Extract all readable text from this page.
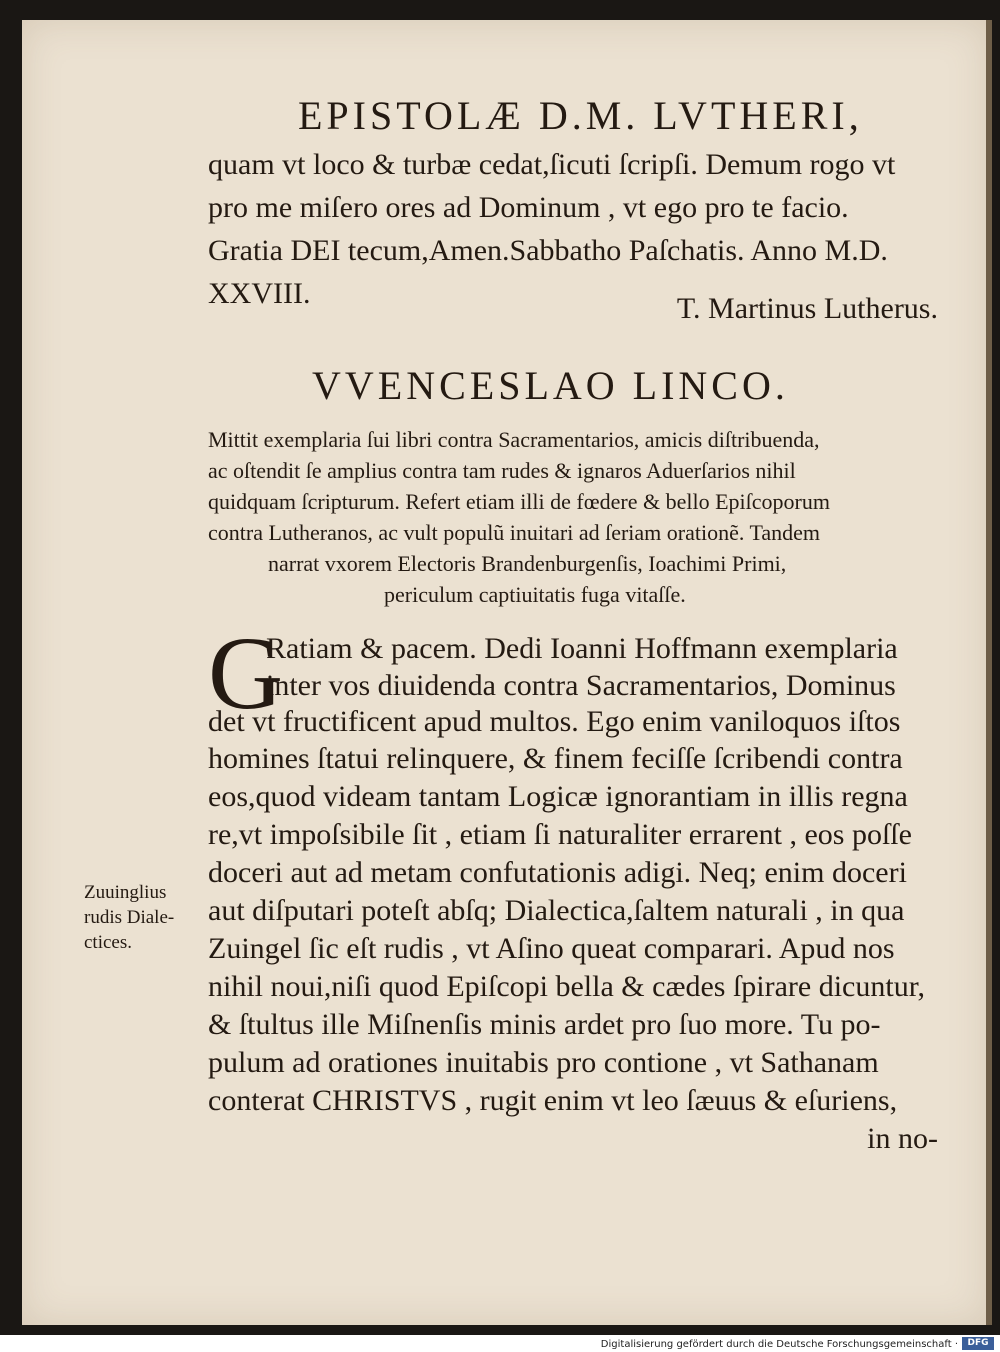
EPISTOLÆ D.M. LVTHERI,
quam vt loco & turbæ cedat,ſicuti ſcripſi. Demum rogo vt
pro me miſero ores ad Dominum , vt ego pro te facio.
Gratia DEI tecum,Amen.Sabbatho Paſchatis. Anno M.D.
XXVIII.	T. Martinus Lutherus.
VVENCESLAO LINCO.
Mittit exemplaria ſui libri contra Sacramentarios, amicis diſtribuenda,
ac oſtendit ſe amplius contra tam rudes & ignaros Aduerſarios nihil
quidquam ſcripturum. Refert etiam illi de fœdere & bello Epiſcoporum
contra Lutheranos, ac vult populũ inuitari ad ſeriam orationẽ. Tandem
narrat vxorem Electoris Brandenburgenſis, Ioachimi Primi,
periculum captiuitatis fuga vitaſſe.
G
Ratiam & pacem. Dedi Ioanni Hoffmann exemplaria
inter vos diuidenda contra Sacramentarios, Dominus
det vt fructificent apud multos. Ego enim vaniloquos iſtos
homines ſtatui relinquere, & finem feciſſe ſcribendi contra
eos,quod videam tantam Logicæ ignorantiam in illis regna
re,vt impoſsibile ſit , etiam ſi naturaliter errarent , eos poſſe
doceri aut ad metam confutationis adigi. Neq; enim doceri
aut diſputari poteſt abſq; Dialectica,ſaltem naturali , in qua
Zuingel ſic eſt rudis , vt Aſino queat comparari. Apud nos
nihil noui,niſi quod Epiſcopi bella & cædes ſpirare dicuntur,
& ſtultus ille Miſnenſis minis ardet pro ſuo more. Tu po-
pulum ad orationes inuitabis pro contione , vt Sathanam
conterat CHRISTVS , rugit enim vt leo ſæuus & eſuriens,
in no-
Zuuinglius
rudis Diale-
ctices.
Digitalisierung gefördert durch die Deutsche Forschungsgemeinschaft ·	DFG
